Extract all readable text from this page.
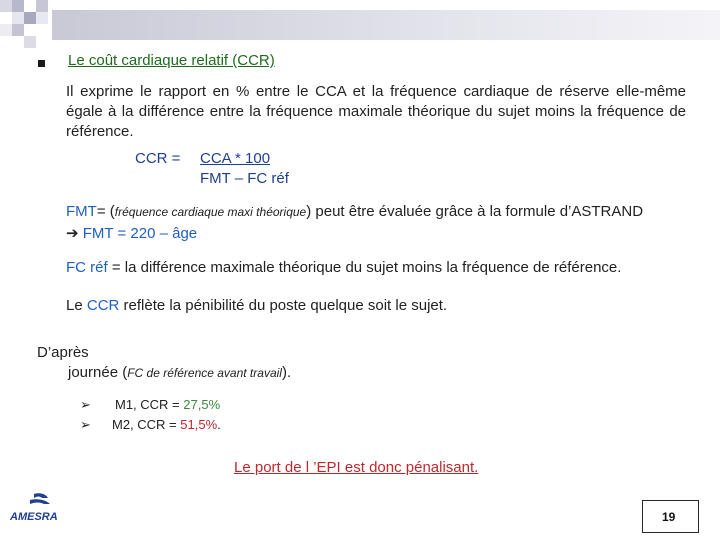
Le coût cardiaque relatif (CCR)
Il exprime le rapport en % entre le CCA et la fréquence cardiaque de réserve elle-même égale à la différence entre la fréquence maximale théorique du sujet moins la fréquence de référence.
CCR = CCA * 100
FMT – FC réf
FMT= (fréquence cardiaque maxi théorique) peut être évaluée grâce à la formule d’ASTRAND
➔ FMT = 220 – âge
FC réf = la différence maximale théorique du sujet moins la fréquence de référence.
Le CCR reflète la pénibilité du poste quelque soit le sujet.
D’après
journée (FC de référence avant travail).
➢
➢
M1, CCR = 27,5%
M2, CCR = 51,5%.
Le port de l ’EPI est donc pénalisant.
AMESRA	19
